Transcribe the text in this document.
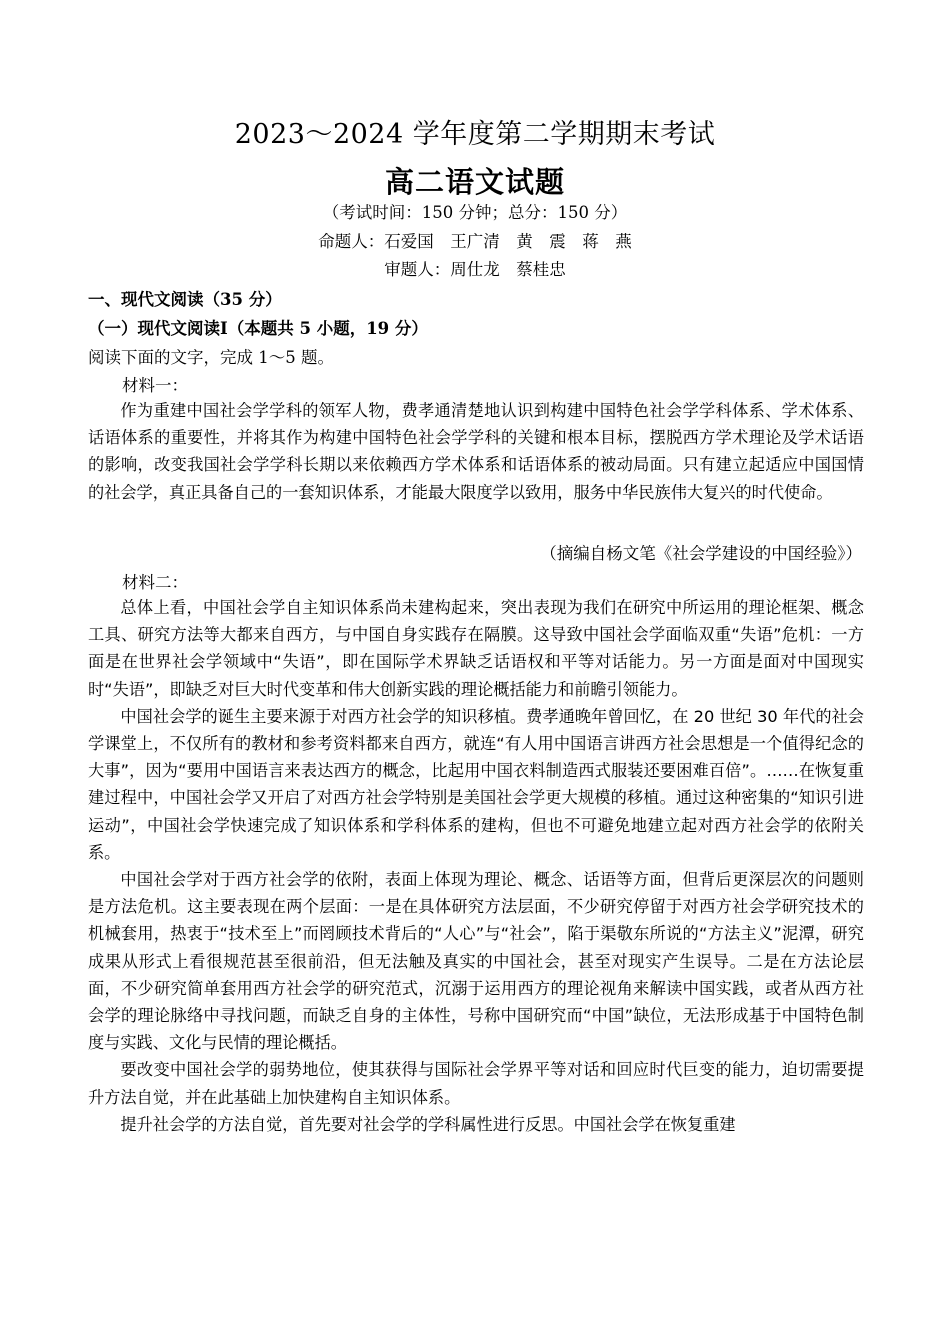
2023～2024 学年度第二学期期末考试
高二语文试题
（考试时间：150 分钟；总分：150 分）
命题人：石爱国　王广清　黄　震　蒋　燕
审题人：周仕龙　蔡桂忠
一、现代文阅读（35 分）
（一）现代文阅读Ⅰ（本题共 5 小题，19 分）
阅读下面的文字，完成 1～5 题。
材料一：

作为重建中国社会学学科的领军人物，费孝通清楚地认识到构建中国特色社会学学科体系、学术体系、话语体系的重要性，并将其作为构建中国特色社会学学科的关键和根本目标，摆脱西方学术理论及学术话语的影响，改变我国社会学学科长期以来依赖西方学术体系和话语体系的被动局面。只有建立起适应中国国情的社会学，真正具备自己的一套知识体系，才能最大限度学以致用，服务中华民族伟大复兴的时代使命。

（摘编自杨文笔《社会学建设的中国经验》）
材料二：

总体上看，中国社会学自主知识体系尚未建构起来，突出表现为我们在研究中所运用的理论框架、概念工具、研究方法等大都来自西方，与中国自身实践存在隔膜。这导致中国社会学面临双重“失语”危机：一方面是在世界社会学领域中“失语”，即在国际学术界缺乏话语权和平等对话能力。另一方面是面对中国现实时“失语”，即缺乏对巨大时代变革和伟大创新实践的理论概括能力和前瞻引领能力。

中国社会学的诞生主要来源于对西方社会学的知识移植。费孝通晚年曾回忆，在 20 世纪 30 年代的社会学课堂上，不仅所有的教材和参考资料都来自西方，就连“有人用中国语言讲西方社会思想是一个值得纪念的大事”，因为“要用中国语言来表达西方的概念，比起用中国衣料制造西式服装还要困难百倍”。……在恢复重建过程中，中国社会学又开启了对西方社会学特别是美国社会学更大规模的移植。通过这种密集的“知识引进运动”，中国社会学快速完成了知识体系和学科体系的建构，但也不可避免地建立起对西方社会学的依附关系。

中国社会学对于西方社会学的依附，表面上体现为理论、概念、话语等方面，但背后更深层次的问题则是方法危机。这主要表现在两个层面：一是在具体研究方法层面，不少研究停留于对西方社会学研究技术的机械套用，热衷于“技术至上”而罔顾技术背后的“人心”与“社会”，陷于渠敬东所说的“方法主义”泥潭，研究成果从形式上看很规范甚至很前沿，但无法触及真实的中国社会，甚至对现实产生误导。二是在方法论层面，不少研究简单套用西方社会学的研究范式，沉溺于运用西方的理论视角来解读中国实践，或者从西方社会学的理论脉络中寻找问题，而缺乏自身的主体性，号称中国研究而“中国”缺位，无法形成基于中国特色制度与实践、文化与民情的理论概括。

要改变中国社会学的弱势地位，使其获得与国际社会学界平等对话和回应时代巨变的能力，迫切需要提升方法自觉，并在此基础上加快建构自主知识体系。

提升社会学的方法自觉，首先要对社会学的学科属性进行反思。中国社会学在恢复重建
